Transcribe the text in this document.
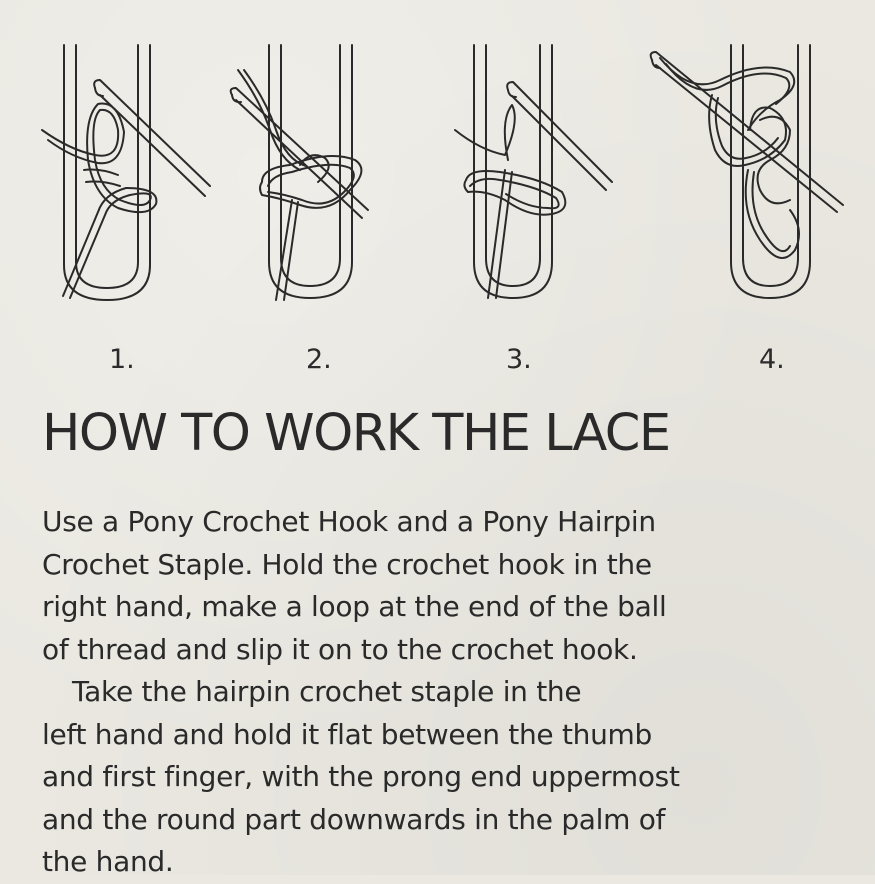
1.	2.	3.	4.
HOW TO WORK THE LACE
Use a Pony Crochet Hook and a Pony Hairpin
Crochet Staple. Hold the crochet hook in the
right hand, make a loop at the end of the ball
of thread and slip it on to the crochet hook.
Take the hairpin crochet staple in the
left hand and hold it flat between the thumb
and first finger, with the prong end uppermost
and the round part downwards in the palm of
the hand.
